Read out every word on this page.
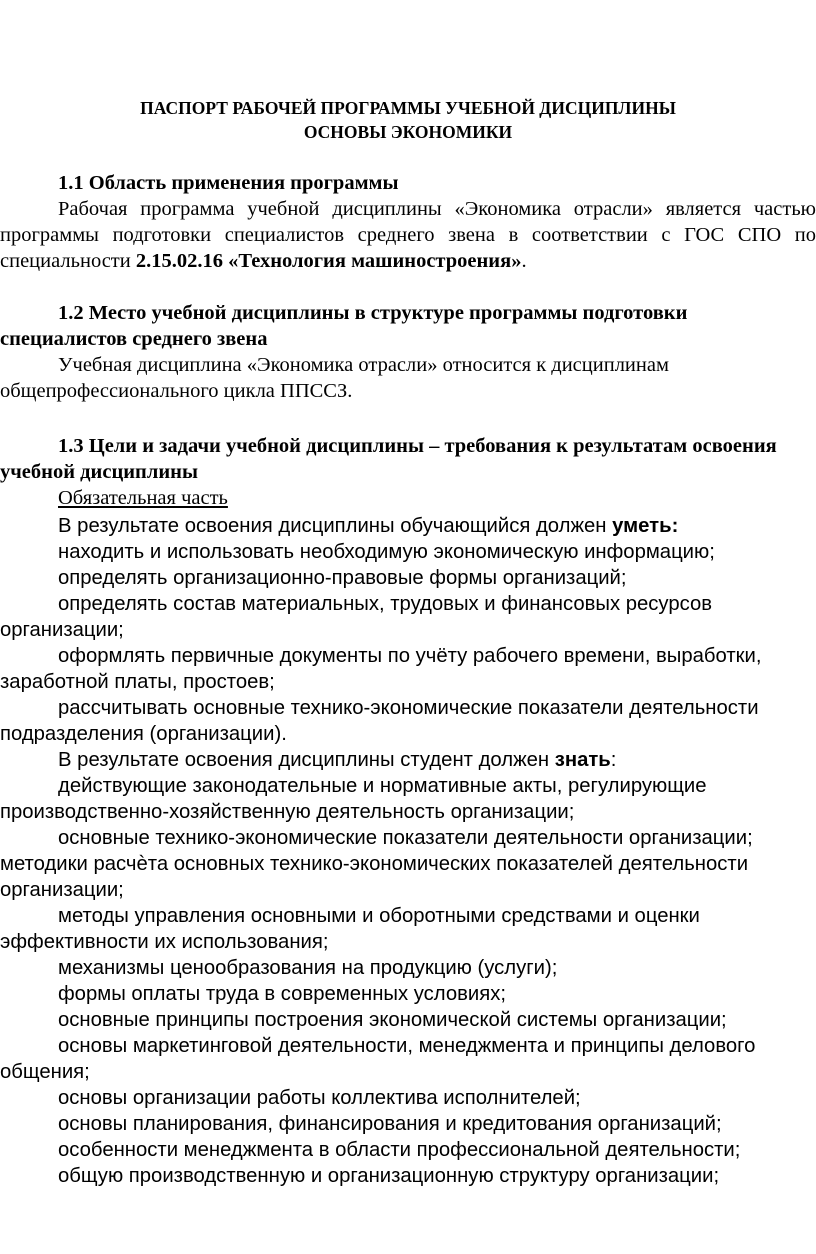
ПАСПОРТ РАБОЧЕЙ ПРОГРАММЫ УЧЕБНОЙ ДИСЦИПЛИНЫ
ОСНОВЫ ЭКОНОМИКИ

1.1 Область применения программы

Рабочая программа учебной дисциплины «Экономика отрасли» является частью программы подготовки специалистов среднего звена в соответствии с ГОС СПО по специальности 2.15.02.16 «Технология машиностроения».

1.2 Место учебной дисциплины в структуре программы подготовки специалистов среднего звена

Учебная дисциплина «Экономика отрасли» относится к дисциплинам общепрофессионального цикла ППССЗ.

1.3 Цели и задачи учебной дисциплины – требования к результатам освоения учебной дисциплины

Обязательная часть

В результате освоения дисциплины обучающийся должен уметь:

находить и использовать необходимую экономическую информацию;

определять организационно-правовые формы организаций;

определять состав материальных, трудовых и финансовых ресурсов организации;

оформлять первичные документы по учёту рабочего времени, выработки, заработной платы, простоев;

рассчитывать основные технико-экономические показатели деятельности подразделения (организации).

В результате освоения дисциплины студент должен знать:

действующие законодательные и нормативные акты, регулирующие производственно-хозяйственную деятельность организации;

основные технико-экономические показатели деятельности организации; методики расчѐта основных технико-экономических показателей деятельности организации;

методы управления основными и оборотными средствами и оценки эффективности их использования;

механизмы ценообразования на продукцию (услуги);

формы оплаты труда в современных условиях;

основные принципы построения экономической системы организации;

основы маркетинговой деятельности, менеджмента и принципы делового общения;

основы организации работы коллектива исполнителей;

основы планирования, финансирования и кредитования организаций;

особенности менеджмента в области профессиональной деятельности;

общую производственную и организационную структуру организации;
